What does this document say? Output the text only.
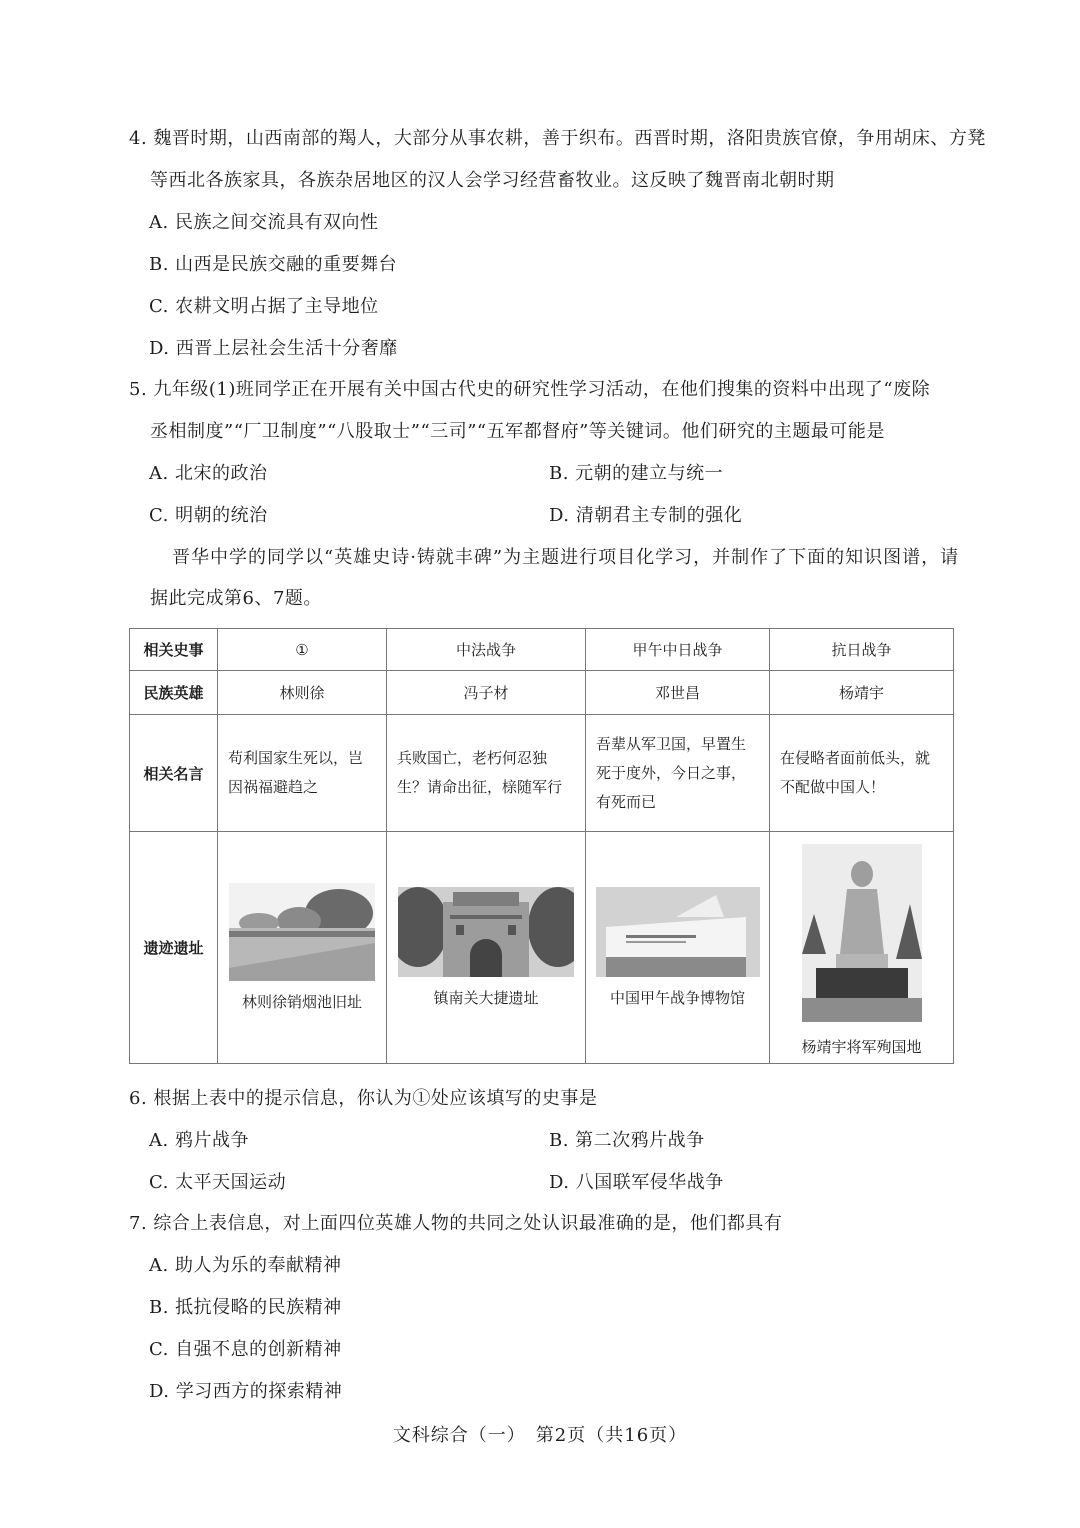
4. 魏晋时期，山西南部的羯人，大部分从事农耕，善于织布。西晋时期，洛阳贵族官僚，争用胡床、方凳
等西北各族家具，各族杂居地区的汉人会学习经营畜牧业。这反映了魏晋南北朝时期
A. 民族之间交流具有双向性
B. 山西是民族交融的重要舞台
C. 农耕文明占据了主导地位
D. 西晋上层社会生活十分奢靡
5. 九年级(1)班同学正在开展有关中国古代史的研究性学习活动，在他们搜集的资料中出现了“废除
丞相制度”“厂卫制度”“八股取士”“三司”“五军都督府”等关键词。他们研究的主题最可能是
A. 北宋的政治	B. 元朝的建立与统一
C. 明朝的统治	D. 清朝君主专制的强化
晋华中学的同学以“英雄史诗·铸就丰碑”为主题进行项目化学习，并制作了下面的知识图谱，请
据此完成第6、7题。
相关史事	①	中法战争	甲午中日战争	抗日战争
民族英雄	林则徐	冯子材	邓世昌	杨靖宇
相关名言	苟利国家生死以，岂因祸福避趋之	兵败国亡，老朽何忍独生？请命出征，榇随军行	吾辈从军卫国，早置生死于度外，今日之事，有死而已	在侵略者面前低头，就不配做中国人！
遗迹遗址	林则徐销烟池旧址	镇南关大捷遗址	中国甲午战争博物馆	杨靖宇将军殉国地
6. 根据上表中的提示信息，你认为①处应该填写的史事是
A. 鸦片战争	B. 第二次鸦片战争
C. 太平天国运动	D. 八国联军侵华战争
7. 综合上表信息，对上面四位英雄人物的共同之处认识最准确的是，他们都具有
A. 助人为乐的奉献精神
B. 抵抗侵略的民族精神
C. 自强不息的创新精神
D. 学习西方的探索精神
文科综合（一）　第2页（共16页）
